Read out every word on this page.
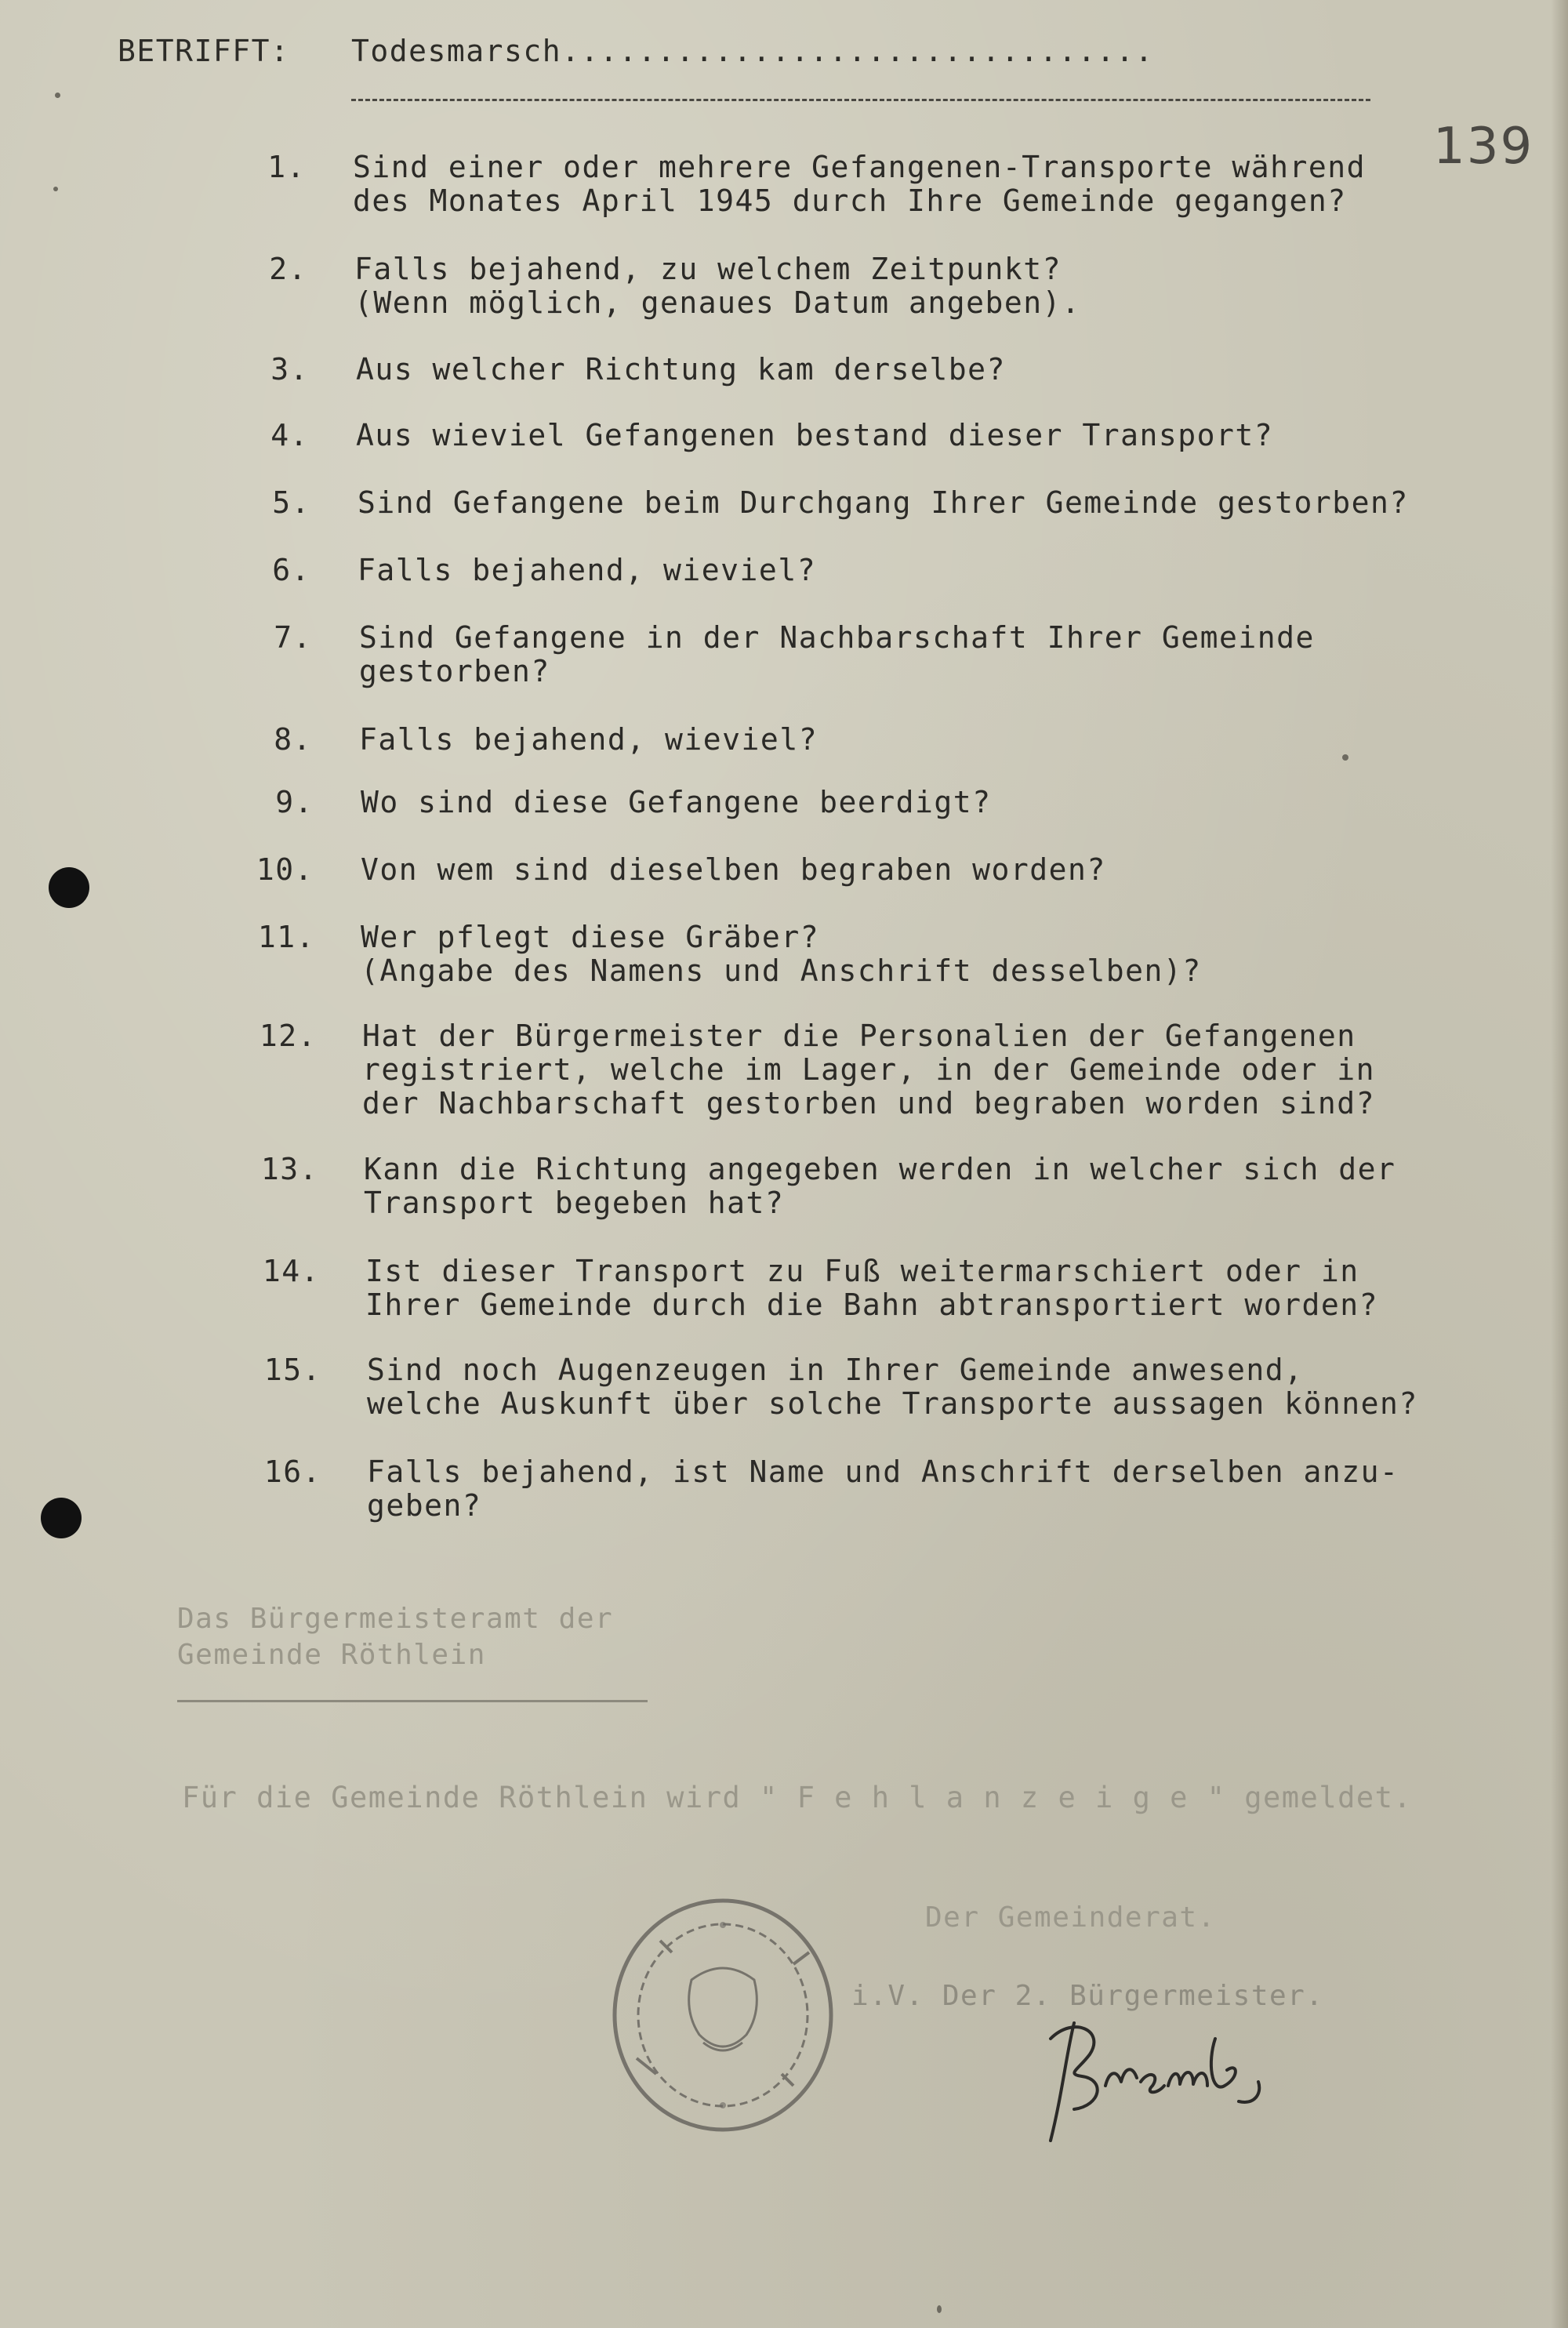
BETRIFFT: Todesmarsch...............................
139
1. Sind einer oder mehrere Gefangenen-Transporte während
des Monates April 1945 durch Ihre Gemeinde gegangen?
2. Falls bejahend, zu welchem Zeitpunkt?
(Wenn möglich, genaues Datum angeben).
3. Aus welcher Richtung kam derselbe?
4. Aus wieviel Gefangenen bestand dieser Transport?
5. Sind Gefangene beim Durchgang Ihrer Gemeinde gestorben?
6. Falls bejahend, wieviel?
7. Sind Gefangene in der Nachbarschaft Ihrer Gemeinde
gestorben?
8. Falls bejahend, wieviel?
9. Wo sind diese Gefangene beerdigt?
10. Von wem sind dieselben begraben worden?
11. Wer pflegt diese Gräber?
(Angabe des Namens und Anschrift desselben)?
12. Hat der Bürgermeister die Personalien der Gefangenen
registriert, welche im Lager, in der Gemeinde oder in
der Nachbarschaft gestorben und begraben worden sind?
13. Kann die Richtung angegeben werden in welcher sich der
Transport begeben hat?
14. Ist dieser Transport zu Fuß weitermarschiert oder in
Ihrer Gemeinde durch die Bahn abtransportiert worden?
15. Sind noch Augenzeugen in Ihrer Gemeinde anwesend,
welche Auskunft über solche Transporte aussagen können?
16. Falls bejahend, ist Name und Anschrift derselben anzu-
geben?
Das Bürgermeisteramt der
Gemeinde Röthlein
Für die Gemeinde Röthlein wird " F e h l a n z e i g e " gemeldet.
Der Gemeinderat.
i.V. Der 2. Bürgermeister.
